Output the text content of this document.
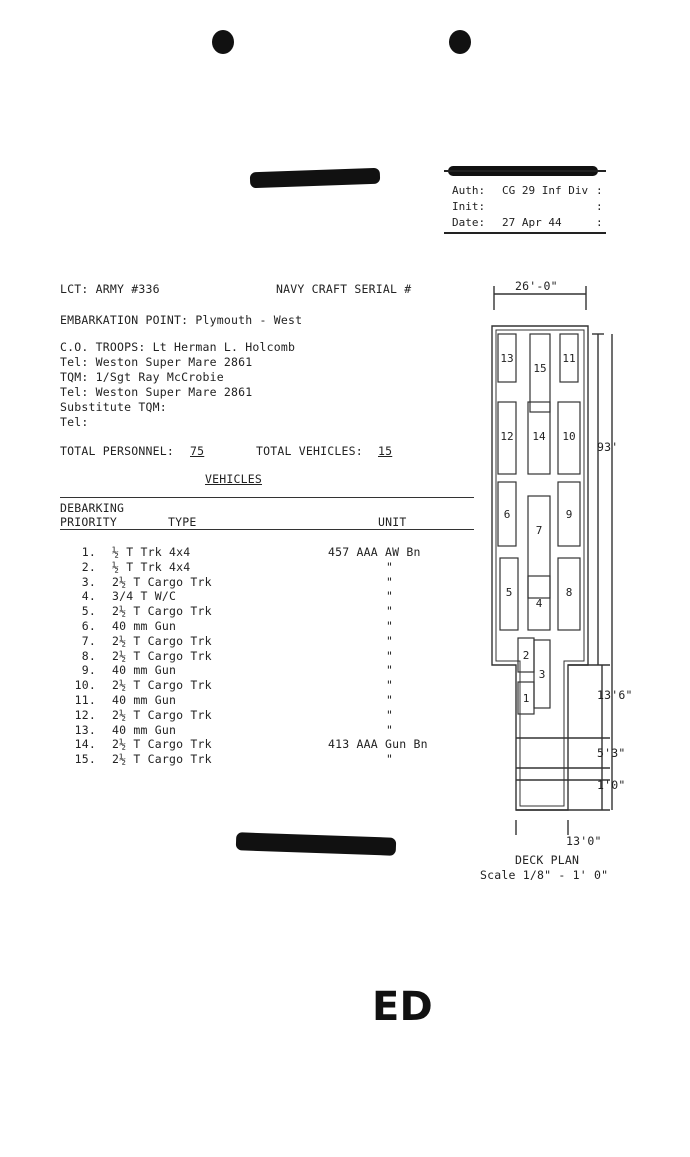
Auth: CG 29 Inf Div :
Init:	:
Date: 27 Apr 44	:
LCT: ARMY #336	NAVY CRAFT SERIAL #
EMBARKATION POINT: Plymouth - West
C.O. TROOPS: Lt Herman L. Holcomb
Tel: Weston Super Mare 2861
TQM: 1/Sgt Ray McCrobie
Tel: Weston Super Mare 2861
Substitute TQM:
Tel:
TOTAL PERSONNEL: 75	TOTAL VEHICLES: 15
VEHICLES
DEBARKING
PRIORITY	TYPE	UNIT
1. ½ T Trk 4x4	457 AAA AW Bn
2. ½ T Trk 4x4	"
3. 2½ T Cargo Trk	"
4. 3/4 T W/C	"
5. 2½ T Cargo Trk	"
6. 40 mm Gun	"
7. 2½ T Cargo Trk	"
8. 2½ T Cargo Trk	"
9. 40 mm Gun	"
10. 2½ T Cargo Trk	"
11. 40 mm Gun	"
12. 2½ T Cargo Trk	"
13. 40 mm Gun	"
14. 2½ T Cargo Trk	413 AAA Gun Bn
15. 2½ T Cargo Trk	"
13
15
11
12 14 10
6
7
9
5
4
8
2
3
1
26'-0"
93'
13'6"
5'3"
1'0"
13'0"
DECK PLAN
Scale 1/8" - 1' 0"
ED
